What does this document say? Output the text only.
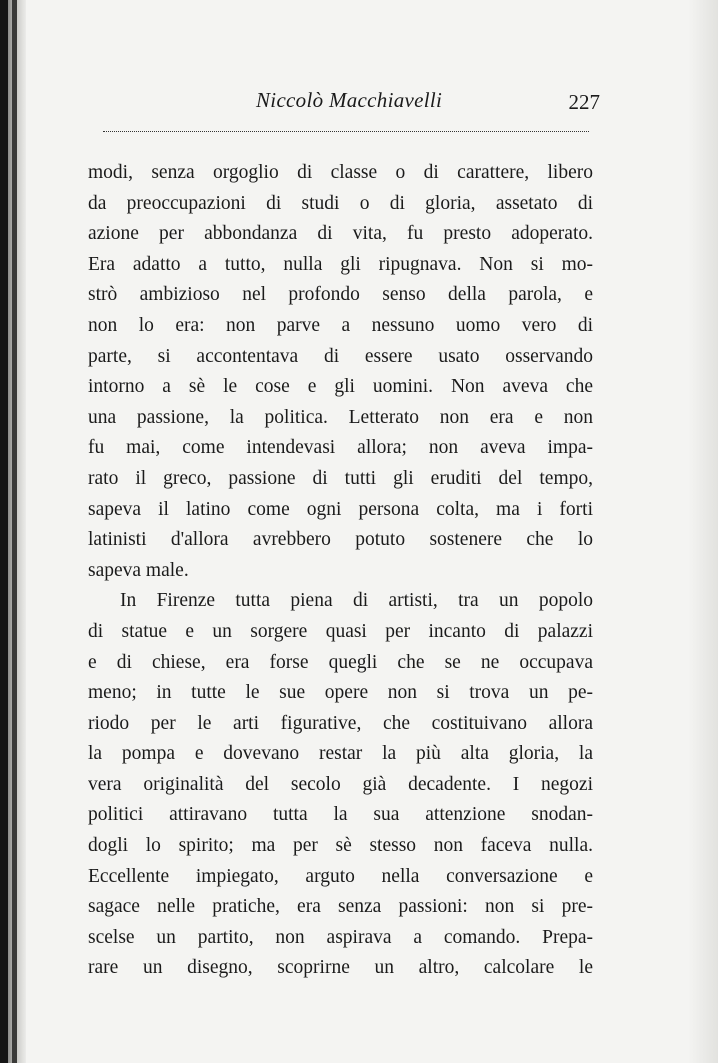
Niccolò Macchiavelli	227
modi, senza orgoglio di classe o di carattere, libero
da preoccupazioni di studi o di gloria, assetato di
azione per abbondanza di vita, fu presto adoperato.
Era adatto a tutto, nulla gli ripugnava. Non si mo-
strò ambizioso nel profondo senso della parola, e
non lo era: non parve a nessuno uomo vero di
parte, si accontentava di essere usato osservando
intorno a sè le cose e gli uomini. Non aveva che
una passione, la politica. Letterato non era e non
fu mai, come intendevasi allora; non aveva impa-
rato il greco, passione di tutti gli eruditi del tempo,
sapeva il latino come ogni persona colta, ma i forti
latinisti d'allora avrebbero potuto sostenere che lo
sapeva male.
In Firenze tutta piena di artisti, tra un popolo
di statue e un sorgere quasi per incanto di palazzi
e di chiese, era forse quegli che se ne occupava
meno; in tutte le sue opere non si trova un pe-
riodo per le arti figurative, che costituivano allora
la pompa e dovevano restar la più alta gloria, la
vera originalità del secolo già decadente. I negozi
politici attiravano tutta la sua attenzione snodan-
dogli lo spirito; ma per sè stesso non faceva nulla.
Eccellente impiegato, arguto nella conversazione e
sagace nelle pratiche, era senza passioni: non si pre-
scelse un partito, non aspirava a comando. Prepa-
rare un disegno, scoprirne un altro, calcolare le
